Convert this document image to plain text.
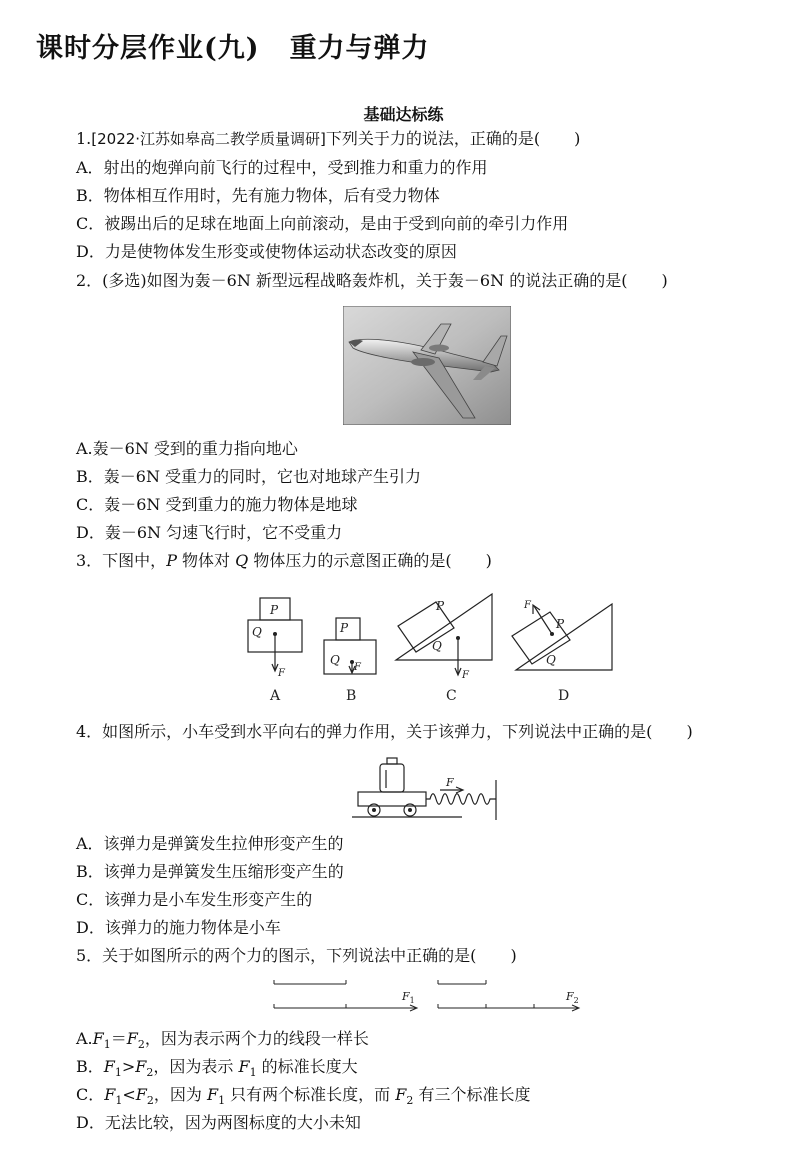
课时分层作业(九) 重力与弹力
基础达标练
1.[2022·江苏如皋高二教学质量调研]下列关于力的说法，正确的是( )
A．射出的炮弹向前飞行的过程中，受到推力和重力的作用
B．物体相互作用时，先有施力物体，后有受力物体
C．被踢出后的足球在地面上向前滚动，是由于受到向前的牵引力作用
D．力是使物体发生形变或使物体运动状态改变的原因
2．(多选)如图为轰－6N 新型远程战略轰炸机，关于轰－6N 的说法正确的是( )
A.轰－6N 受到的重力指向地心
B．轰－6N 受重力的同时，它也对地球产生引力
C．轰－6N 受到重力的施力物体是地球
D．轰－6N 匀速飞行时，它不受重力
3．下图中，P 物体对 Q 物体压力的示意图正确的是( )
P
Q
F
P
Q
F
P
Q
F
P
Q
F
A	B	C	D
4．如图所示，小车受到水平向右的弹力作用，关于该弹力，下列说法中正确的是( )
F
A．该弹力是弹簧发生拉伸形变产生的
B．该弹力是弹簧发生压缩形变产生的
C．该弹力是小车发生形变产生的
D．该弹力的施力物体是小车
5．关于如图所示的两个力的图示，下列说法中正确的是( )
$F_1$	$F_2$
$A.F_1=F_2$，因为表示两个力的线段一样长
B．$F_1>F_2$，因为表示 $F_1$ 的标准长度大
C．$F_1<F_2$，因为 $F_1$ 只有两个标准长度，而 $F_2$ 有三个标准长度
D．无法比较，因为两图标度的大小未知
